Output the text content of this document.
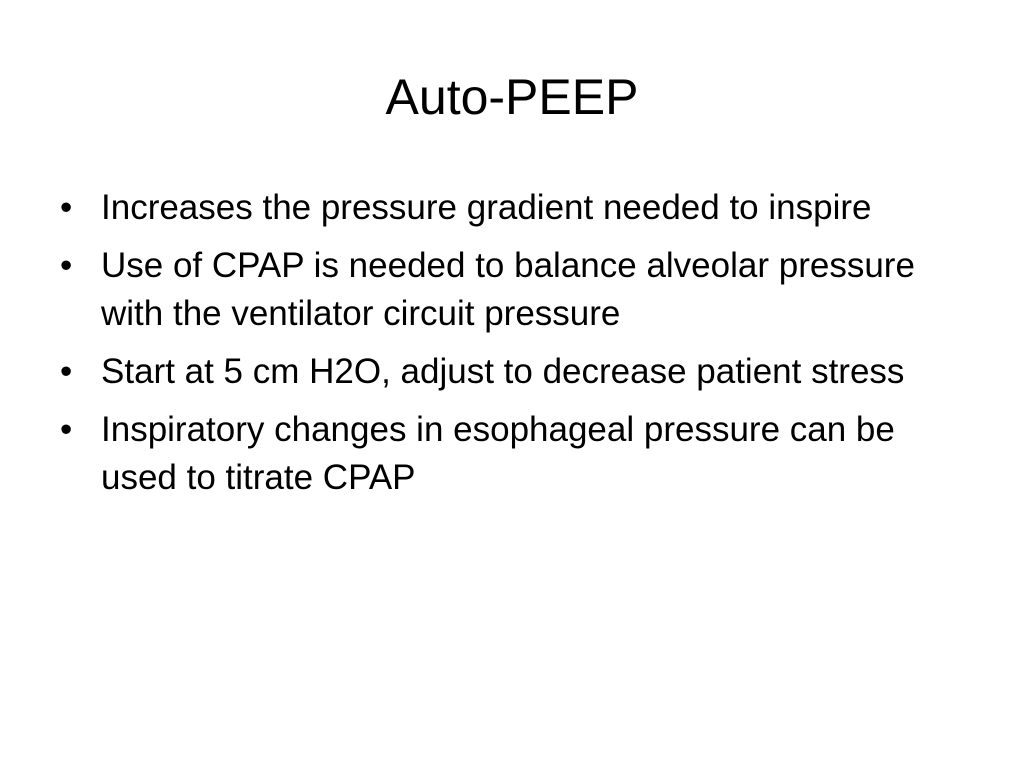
Auto-PEEP
• Increases the pressure gradient needed to inspire
• Use of CPAP is needed to balance alveolar pressure with the ventilator circuit pressure
• Start at 5 cm H2O, adjust to decrease patient stress
• Inspiratory changes in esophageal pressure can be used to titrate CPAP
